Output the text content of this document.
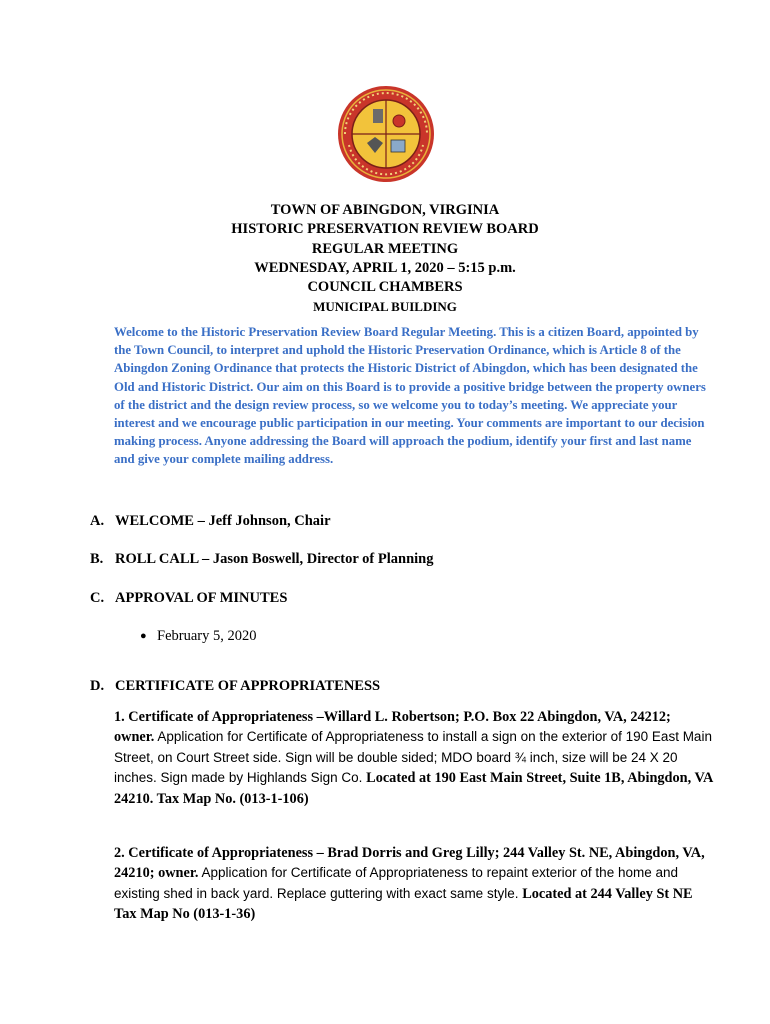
TOWN OF ABINGDON, VIRGINIA
HISTORIC PRESERVATION REVIEW BOARD
REGULAR MEETING
WEDNESDAY, APRIL 1, 2020 – 5:15 p.m.
COUNCIL CHAMBERS
MUNICIPAL BUILDING
Welcome to the Historic Preservation Review Board Regular Meeting. This is a citizen Board, appointed by the Town Council, to interpret and uphold the Historic Preservation Ordinance, which is Article 8 of the Abingdon Zoning Ordinance that protects the Historic District of Abingdon, which has been designated the Old and Historic District. Our aim on this Board is to provide a positive bridge between the property owners of the district and the design review process, so we welcome you to today’s meeting. We appreciate your interest and we encourage public participation in our meeting. Your comments are important to our decision making process. Anyone addressing the Board will approach the podium, identify your first and last name and give your complete mailing address.
A. WELCOME – Jeff Johnson, Chair
B. ROLL CALL – Jason Boswell, Director of Planning
C. APPROVAL OF MINUTES
● February 5, 2020
D. CERTIFICATE OF APPROPRIATENESS
1. Certificate of Appropriateness –Willard L. Robertson; P.O. Box 22 Abingdon, VA, 24212; owner. Application for Certificate of Appropriateness to install a sign on the exterior of 190 East Main Street, on Court Street side. Sign will be double sided; MDO board ¾ inch, size will be 24 X 20 inches. Sign made by Highlands Sign Co. Located at 190 East Main Street, Suite 1B, Abingdon, VA 24210. Tax Map No. (013-1-106)
2. Certificate of Appropriateness – Brad Dorris and Greg Lilly; 244 Valley St. NE, Abingdon, VA, 24210; owner. Application for Certificate of Appropriateness to repaint exterior of the home and existing shed in back yard. Replace guttering with exact same style. Located at 244 Valley St NE Tax Map No (013-1-36)
